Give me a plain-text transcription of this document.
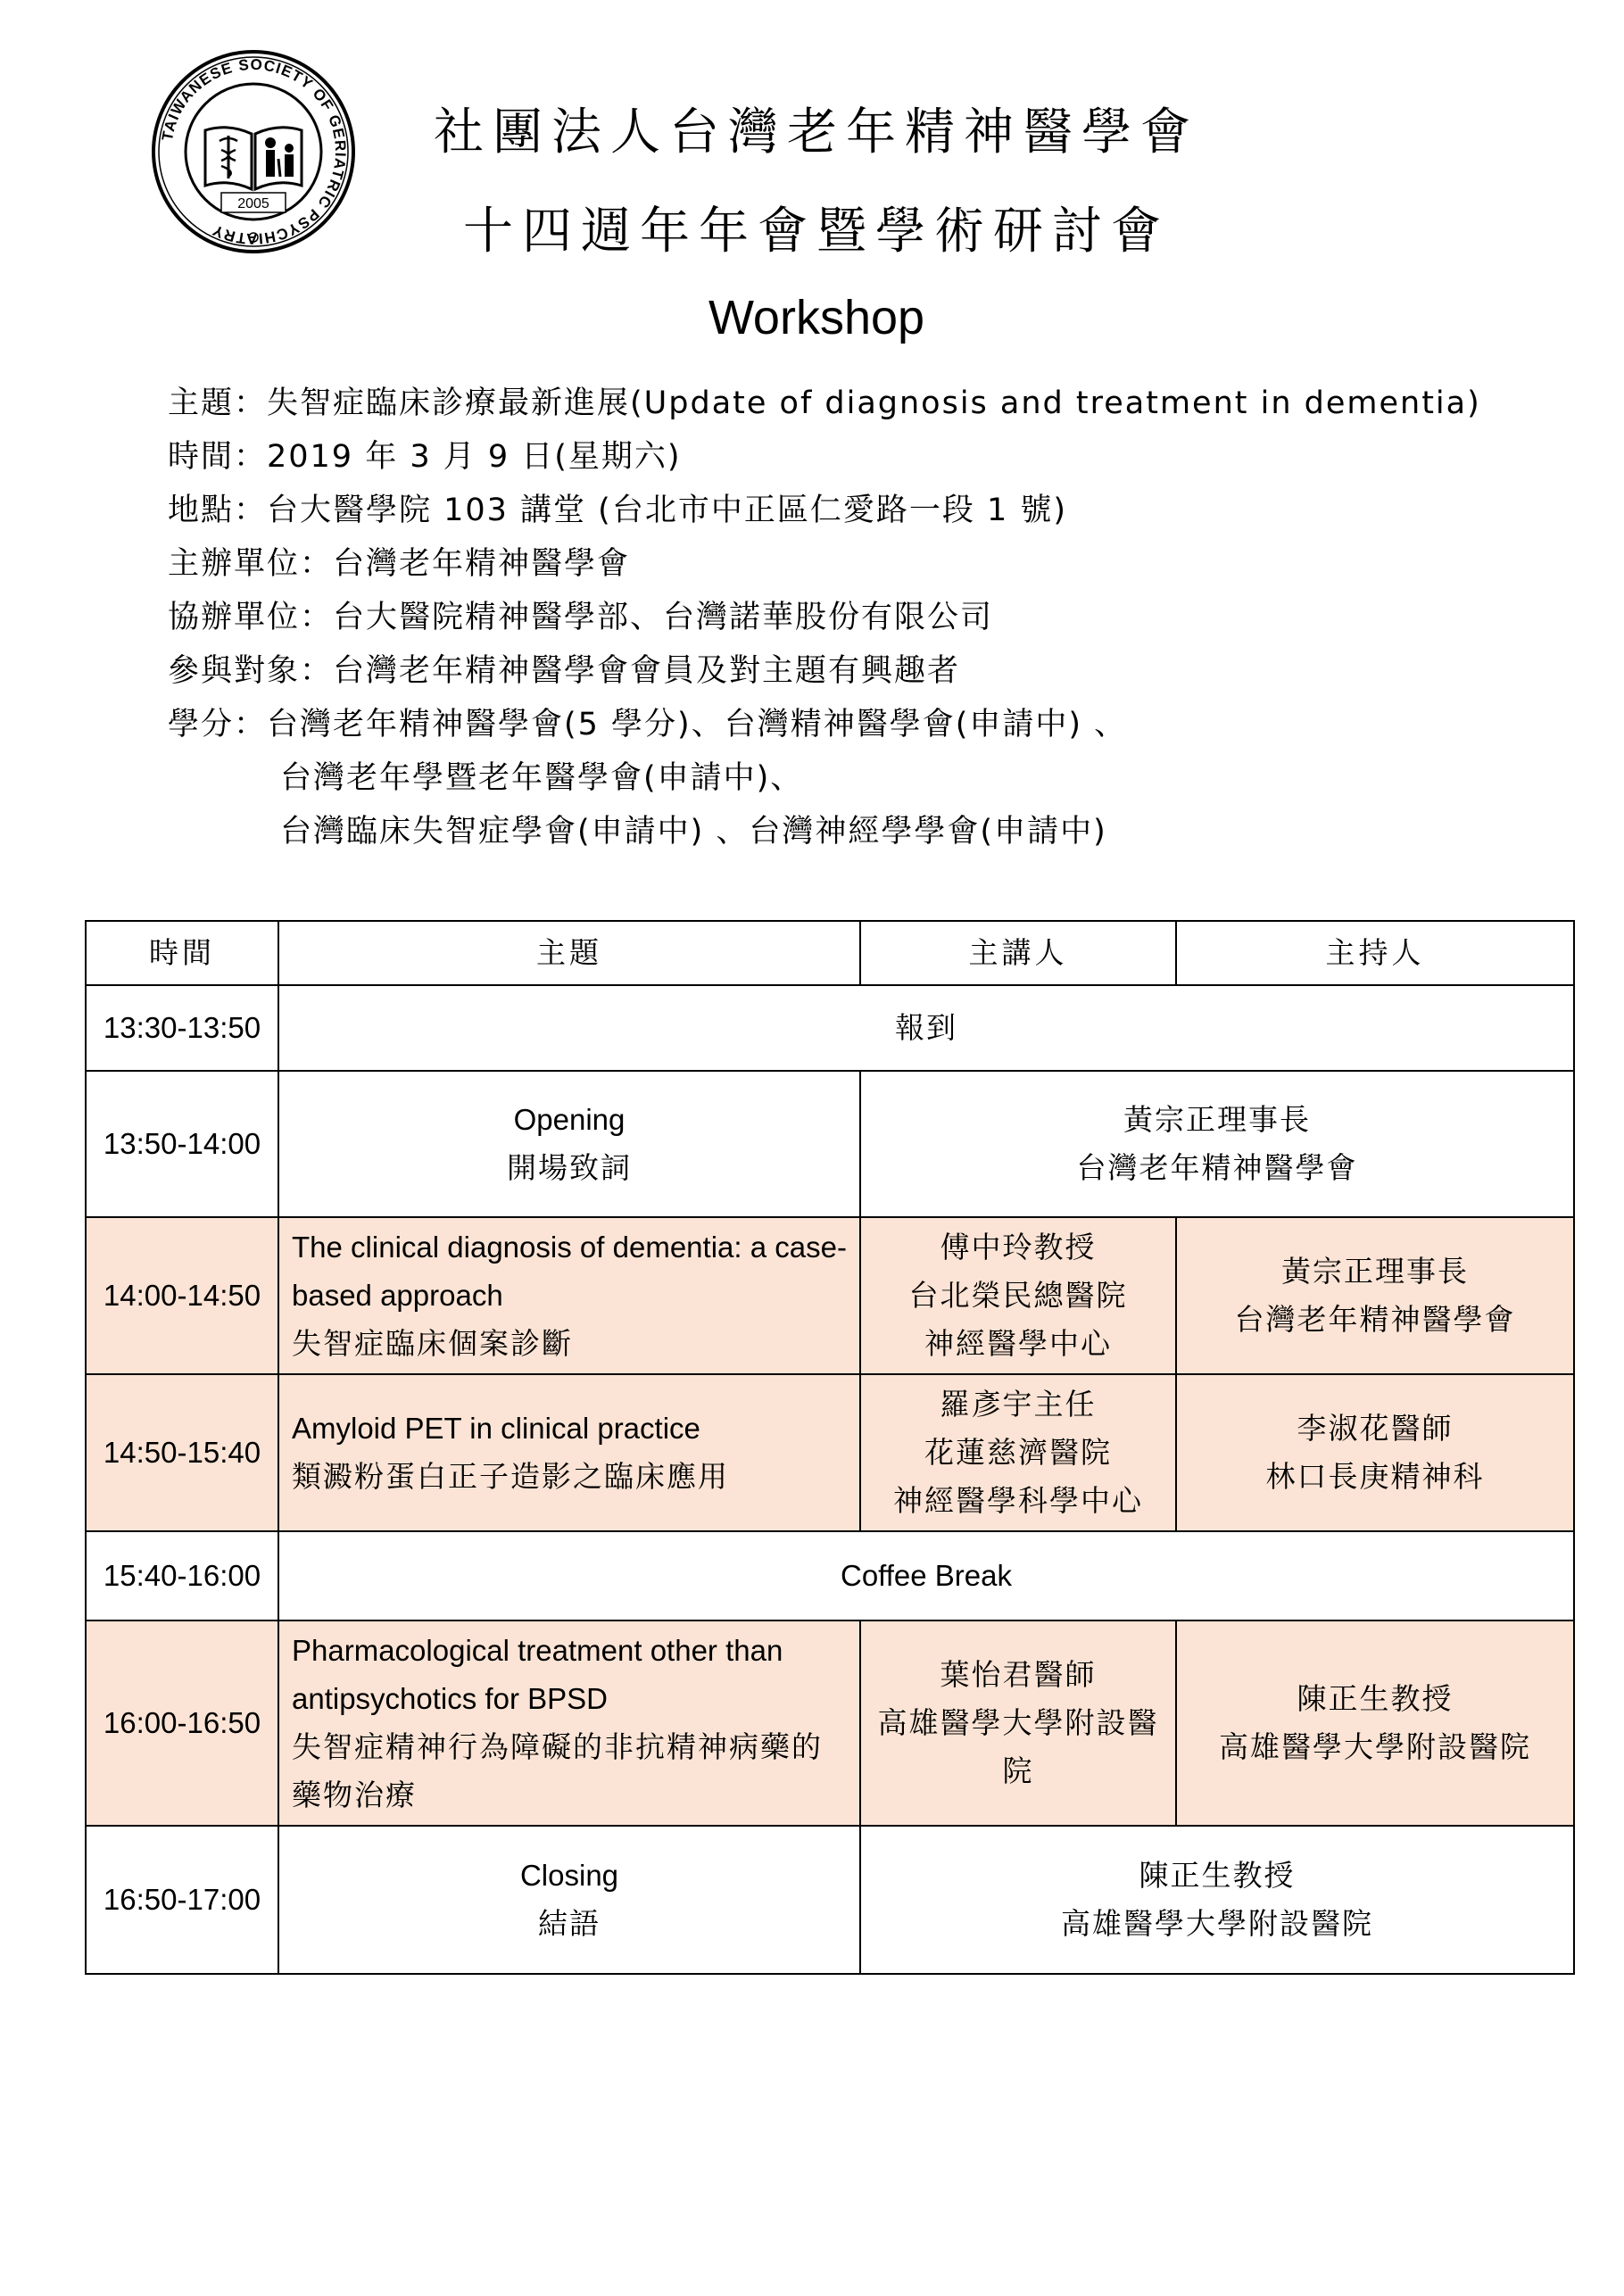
TAIWANESE SOCIETY OF GERIATRIC PSYCHIATRY
2005
社團法人台灣老年精神醫學會
十四週年年會暨學術研討會
Workshop
主題：失智症臨床診療最新進展(Update of diagnosis and treatment in dementia)
時間：2019 年 3 月 9 日(星期六)
地點：台大醫學院 103 講堂 (台北市中正區仁愛路一段 1 號)
主辦單位：台灣老年精神醫學會
協辦單位：台大醫院精神醫學部、台灣諾華股份有限公司
參與對象：台灣老年精神醫學會會員及對主題有興趣者
學分：台灣老年精神醫學會(5 學分)、台灣精神醫學會(申請中) 、
台灣老年學暨老年醫學會(申請中)、
台灣臨床失智症學會(申請中) 、台灣神經學學會(申請中)
時間	主題	主講人	主持人
13:30-13:50	報到		

13:50-14:00	Opening
開場致詞	黃宗正理事長
台灣老年精神醫學會	

14:00-14:50	The clinical diagnosis of dementia: a case-based approach
失智症臨床個案診斷	傅中玲教授
台北榮民總醫院
神經醫學中心	黃宗正理事長
台灣老年精神醫學會

14:50-15:40	Amyloid PET in clinical practice
類澱粉蛋白正子造影之臨床應用	羅彥宇主任
花蓮慈濟醫院
神經醫學科學中心	李淑花醫師
林口長庚精神科

15:40-16:00	Coffee Break		

16:00-16:50	Pharmacological treatment other than antipsychotics for BPSD
失智症精神行為障礙的非抗精神病藥的藥物治療	葉怡君醫師
高雄醫學大學附設醫院	陳正生教授
高雄醫學大學附設醫院

16:50-17:00	Closing
結語	陳正生教授
高雄醫學大學附設醫院	
